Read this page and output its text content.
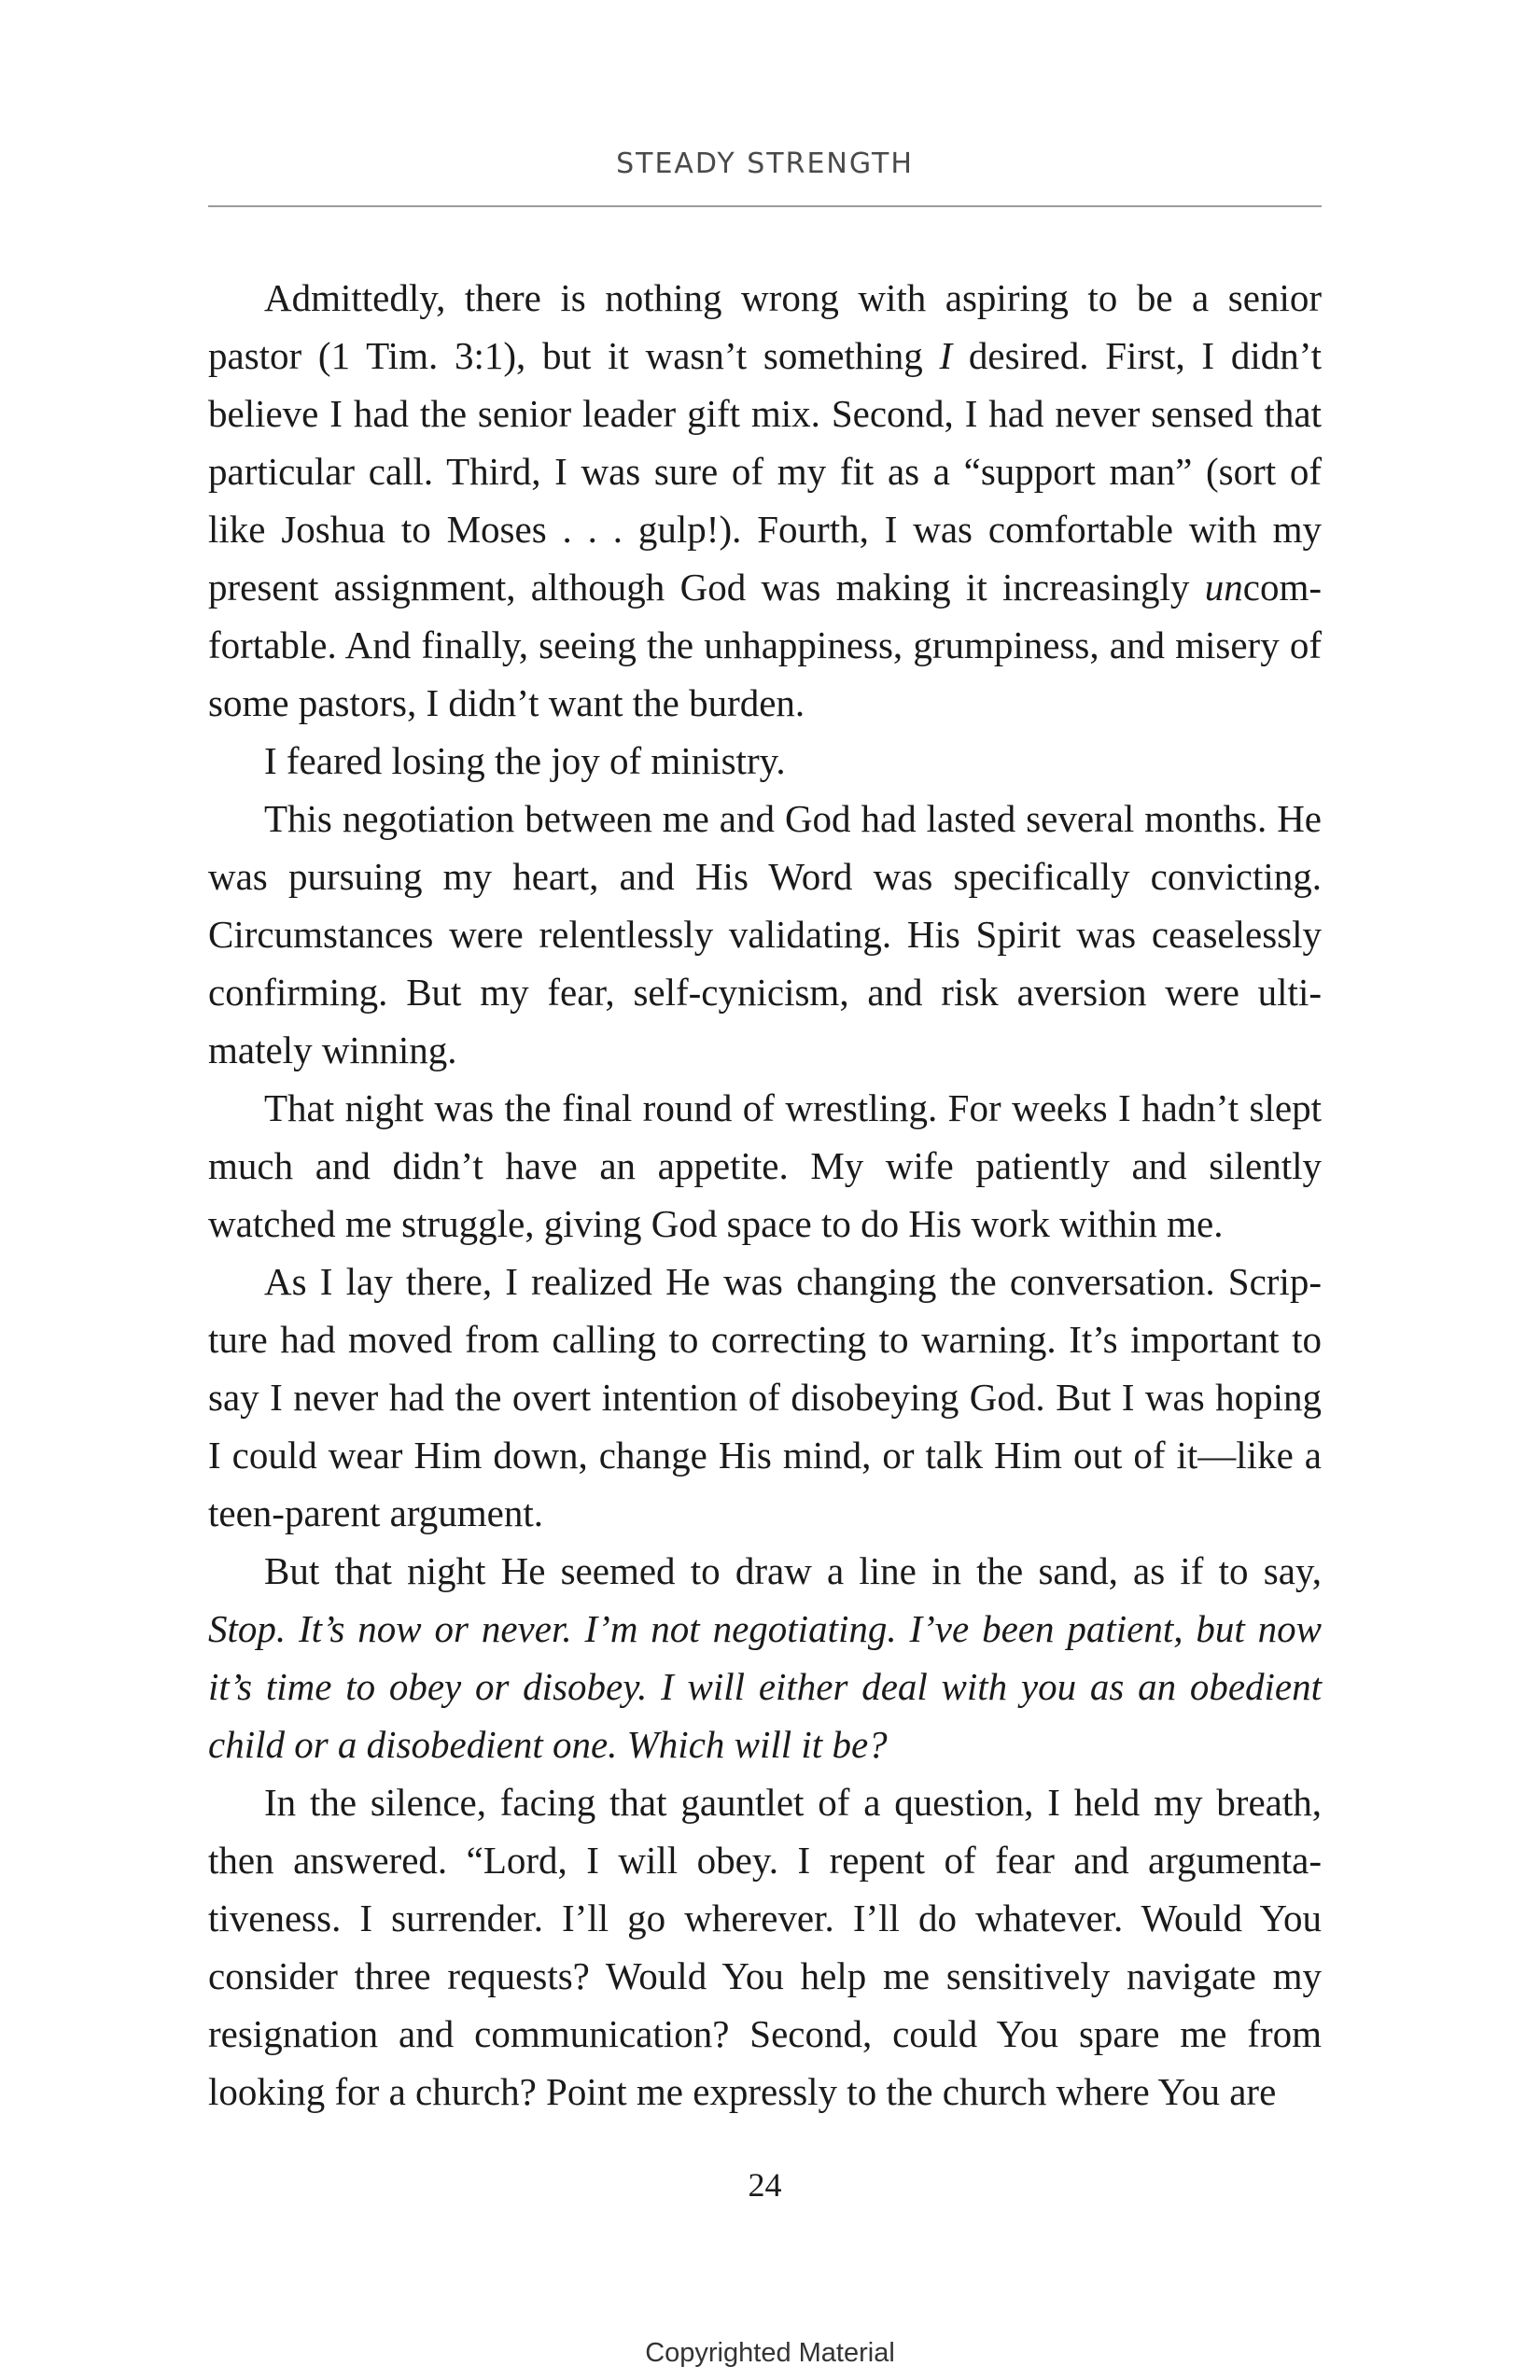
STEADY STRENGTH

Admittedly, there is nothing wrong with aspiring to be a senior pastor (1 Tim. 3:1), but it wasn’t something I desired. First, I didn’t believe I had the senior leader gift mix. Second, I had never sensed that particular call. Third, I was sure of my fit as a “support man” (sort of like Joshua to Moses . . . gulp!). Fourth, I was comfortable with my present assignment, although God was making it increasingly uncomfortable. And finally, seeing the unhappiness, grumpiness, and misery of some pastors, I didn’t want the burden.

I feared losing the joy of ministry.

This negotiation between me and God had lasted several months. He was pursuing my heart, and His Word was specifically convicting. Circumstances were relentlessly validating. His Spirit was ceaselessly confirming. But my fear, self-cynicism, and risk aversion were ultimately winning.

That night was the final round of wrestling. For weeks I hadn’t slept much and didn’t have an appetite. My wife patiently and silently watched me struggle, giving God space to do His work within me.

As I lay there, I realized He was changing the conversation. Scripture had moved from calling to correcting to warning. It’s important to say I never had the overt intention of disobeying God. But I was hoping I could wear Him down, change His mind, or talk Him out of it—like a teen-parent argument.

But that night He seemed to draw a line in the sand, as if to say, Stop. It’s now or never. I’m not negotiating. I’ve been patient, but now it’s time to obey or disobey. I will either deal with you as an obedient child or a disobedient one. Which will it be?

In the silence, facing that gauntlet of a question, I held my breath, then answered. “Lord, I will obey. I repent of fear and argumentativeness. I surrender. I’ll go wherever. I’ll do whatever. Would You consider three requests? Would You help me sensitively navigate my resignation and communication? Second, could You spare me from looking for a church? Point me expressly to the church where You are

24
Copyrighted Material
